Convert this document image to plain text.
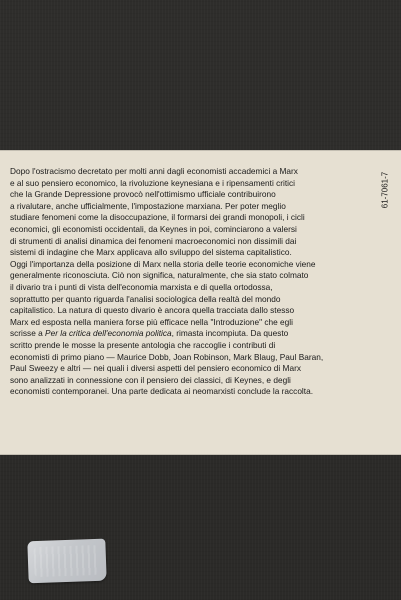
61-7061-7

Dopo l'ostracismo decretato per molti anni dagli economisti accademici a Marx
e al suo pensiero economico, la rivoluzione keynesiana e i ripensamenti critici
che la Grande Depressione provocò nell'ottimismo ufficiale contribuirono
a rivalutare, anche ufficialmente, l'impostazione marxiana. Per poter meglio
studiare fenomeni come la disoccupazione, il formarsi dei grandi monopoli, i cicli
economici, gli economisti occidentali, da Keynes in poi, cominciarono a valersi
di strumenti di analisi dinamica dei fenomeni macroeconomici non dissimili dai
sistemi di indagine che Marx applicava allo sviluppo del sistema capitalistico.
Oggi l'importanza della posizione di Marx nella storia delle teorie economiche viene
generalmente riconosciuta. Ciò non significa, naturalmente, che sia stato colmato
il divario tra i punti di vista dell'economia marxista e di quella ortodossa,
soprattutto per quanto riguarda l'analisi sociologica della realtà del mondo
capitalistico. La natura di questo divario è ancora quella tracciata dallo stesso
Marx ed esposta nella maniera forse più efficace nella "Introduzione" che egli
scrisse a Per la critica dell'economia politica, rimasta incompiuta. Da questo
scritto prende le mosse la presente antologia che raccoglie i contributi di
economisti di primo piano — Maurice Dobb, Joan Robinson, Mark Blaug, Paul Baran,
Paul Sweezy e altri — nei quali i diversi aspetti del pensiero economico di Marx
sono analizzati in connessione con il pensiero dei classici, di Keynes, e degli
economisti contemporanei. Una parte dedicata ai neomarxisti conclude la raccolta.
